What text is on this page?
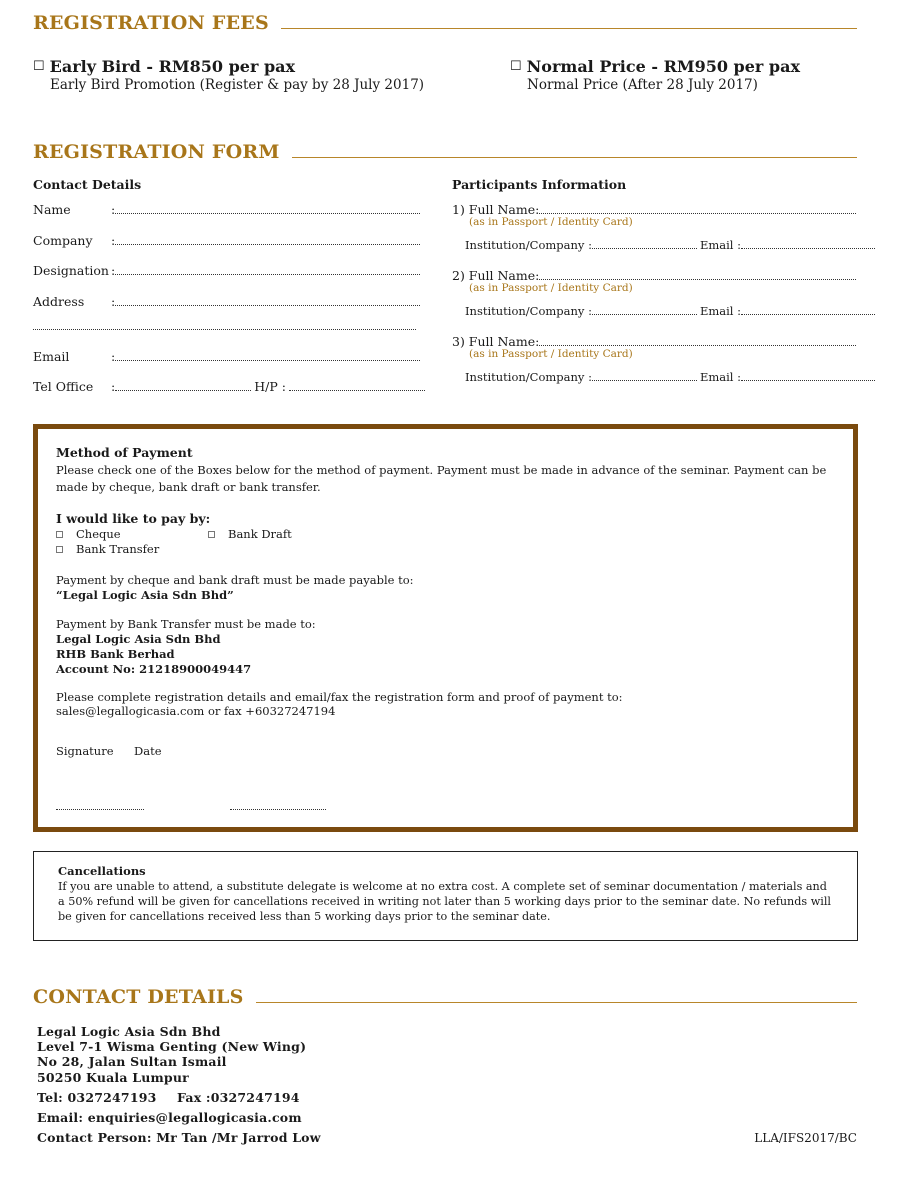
REGISTRATION FEES
☐ Early Bird - RM850 per pax
Early Bird Promotion (Register & pay by 28 July 2017)
☐ Normal Price - RM950 per pax
Normal Price (After 28 July 2017)
REGISTRATION FORM
Contact Details	Participants Information
Name	:
Company	:
Designation :
Address	:
Email	:
Tel Office	:	H/P :
1) Full Name:
(as in Passport / Identity Card)
Institution/Company :	Email :
2) Full Name:
(as in Passport / Identity Card)
Institution/Company :	Email :
3) Full Name:
(as in Passport / Identity Card)
Institution/Company :	Email :
Method of Payment
Please check one of the Boxes below for the method of payment. Payment must be made in advance of the seminar. Payment can be made by cheque, bank draft or bank transfer.
I would like to pay by:
Cheque	Bank Draft
Bank Transfer
Payment by cheque and bank draft must be made payable to:
“Legal Logic Asia Sdn Bhd”
Payment by Bank Transfer must be made to:
Legal Logic Asia Sdn Bhd
RHB Bank Berhad
Account No: 21218900049447
Please complete registration details and email/fax the registration form and proof of payment to:
sales@legallogicasia.com or fax +60327247194
Signature Date
Cancellations
If you are unable to attend, a substitute delegate is welcome at no extra cost. A complete set of seminar documentation / materials and a 50% refund will be given for cancellations received in writing not later than 5 working days prior to the seminar date. No refunds will be given for cancellations received less than 5 working days prior to the seminar date.
CONTACT DETAILS
Legal Logic Asia Sdn Bhd
Level 7-1 Wisma Genting (New Wing)
No 28, Jalan Sultan Ismail
50250 Kuala Lumpur
Tel: 0327247193 Fax :0327247194
Email: enquiries@legallogicasia.com
Contact Person: Mr Tan /Mr Jarrod Low	LLA/IFS2017/BC
